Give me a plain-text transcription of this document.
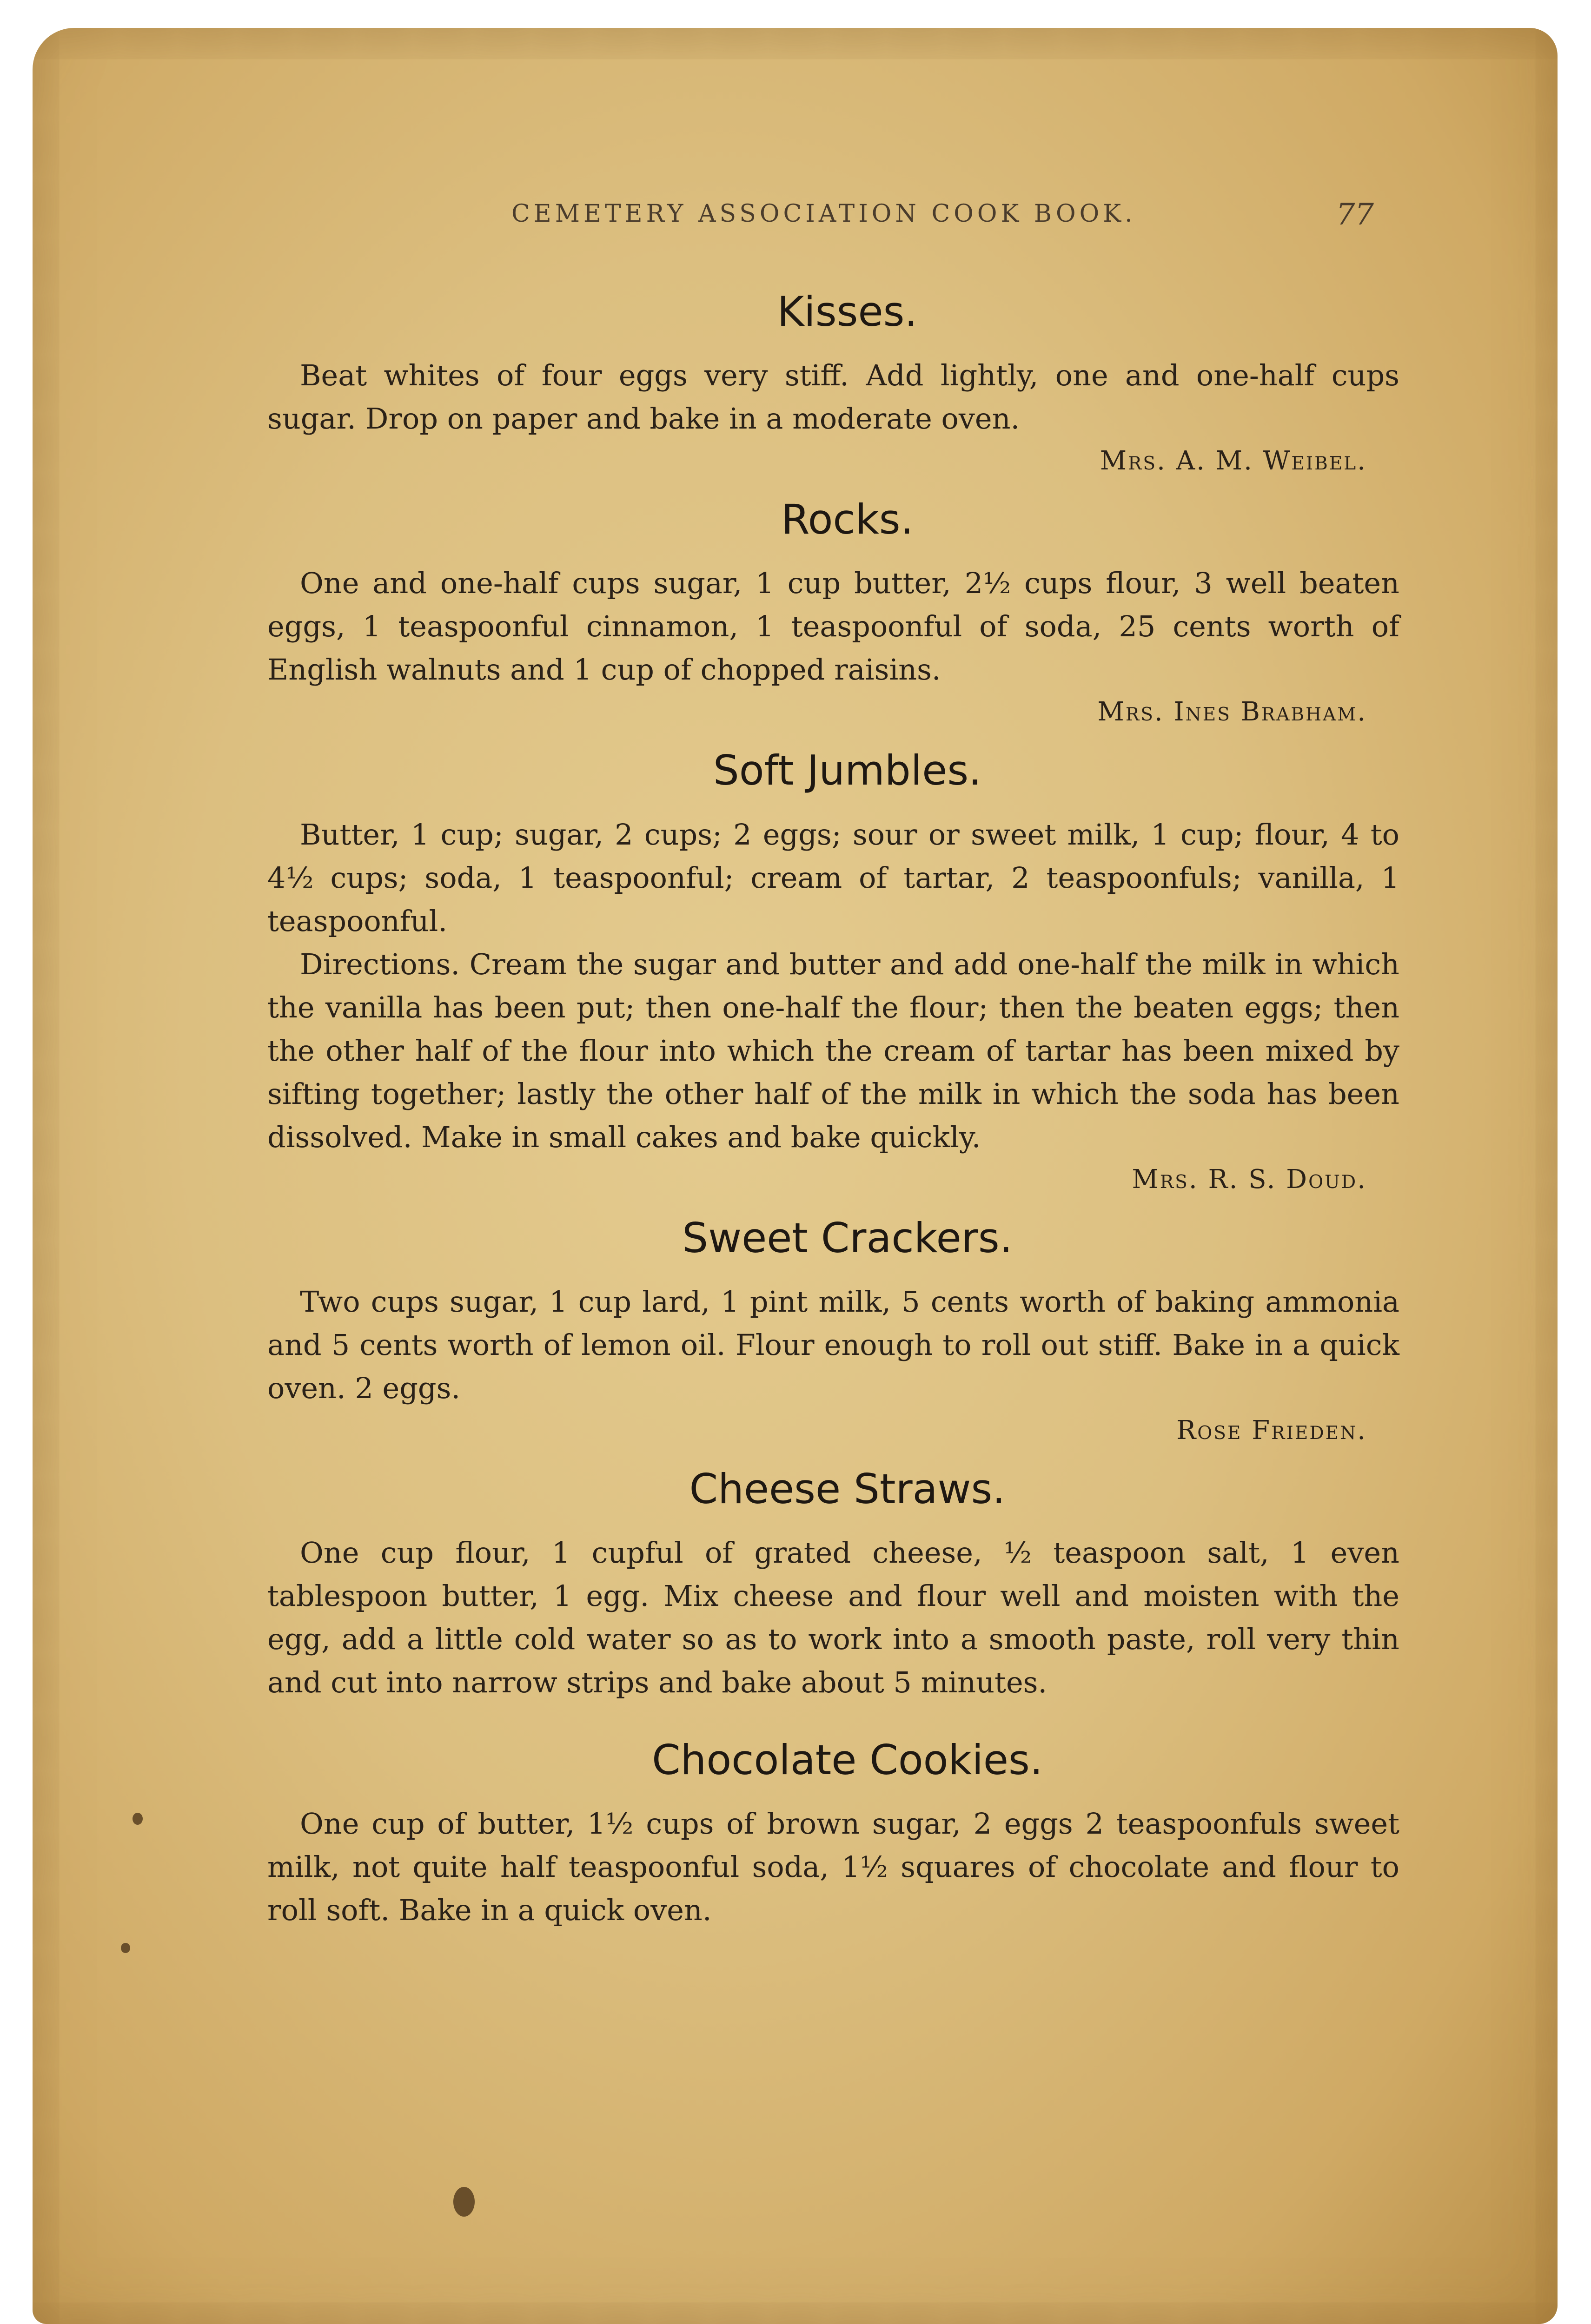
CEMETERY ASSOCIATION COOK BOOK.	77
Kisses.

Beat whites of four eggs very stiff. Add lightly, one and one-half cups sugar. Drop on paper and bake in a moderate oven.

Mrs. A. M. Weibel.
Rocks.

One and one-half cups sugar, 1 cup butter, 2½ cups flour, 3 well beaten eggs, 1 teaspoonful cinnamon, 1 teaspoonful of soda, 25 cents worth of English walnuts and 1 cup of chopped raisins.

Mrs. Ines Brabham.
Soft Jumbles.

Butter, 1 cup; sugar, 2 cups; 2 eggs; sour or sweet milk, 1 cup; flour, 4 to 4½ cups; soda, 1 teaspoonful; cream of tartar, 2 teaspoonfuls; vanilla, 1 teaspoonful.

Directions. Cream the sugar and butter and add one-half the milk in which the vanilla has been put; then one-half the flour; then the beaten eggs; then the other half of the flour into which the cream of tartar has been mixed by sifting together; lastly the other half of the milk in which the soda has been dissolved. Make in small cakes and bake quickly.

Mrs. R. S. Doud.
Sweet Crackers.

Two cups sugar, 1 cup lard, 1 pint milk, 5 cents worth of baking ammonia and 5 cents worth of lemon oil. Flour enough to roll out stiff. Bake in a quick oven. 2 eggs.

Rose Frieden.
Cheese Straws.

One cup flour, 1 cupful of grated cheese, ½ teaspoon salt, 1 even tablespoon butter, 1 egg. Mix cheese and flour well and moisten with the egg, add a little cold water so as to work into a smooth paste, roll very thin and cut into narrow strips and bake about 5 minutes.

Chocolate Cookies.

One cup of butter, 1½ cups of brown sugar, 2 eggs 2 teaspoonfuls sweet milk, not quite half teaspoonful soda, 1½ squares of chocolate and flour to roll soft. Bake in a quick oven.
